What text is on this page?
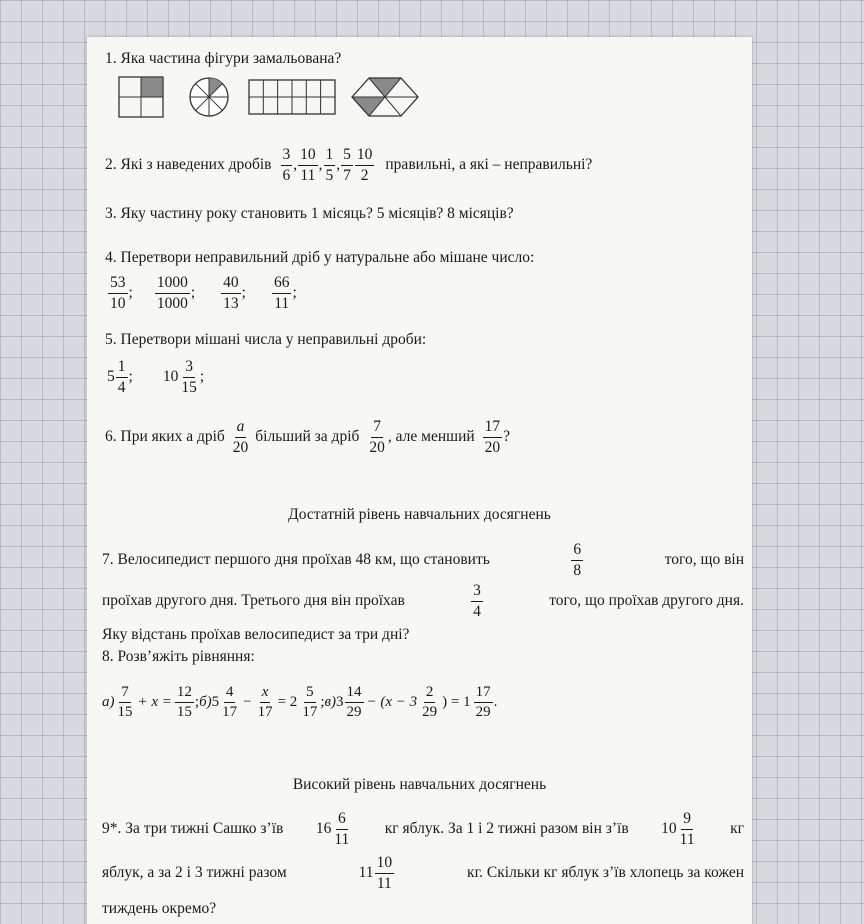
1. Яка частина фігури замальована?
2. Які з наведених дробів $\frac{3}{6}$ , $\frac{10}{11}$ , $\frac{1}{5}$ , $\frac{5}{7} \frac{10}{2}$ правильні, а які – неправильні?
3. Яку частину року становить 1 місяць? 5 місяців? 8 місяців?
4. Перетвори неправильний дріб у натуральне або мішане число:
$\frac{53}{10}$ ; $\frac{1000}{1000}$ ; $\frac{40}{13}$ ; $\frac{66}{11}$ ;
5. Перетвори мішані числа у неправильні дроби:
$5 \frac{1}{4}$ ; $10 \frac{3}{15}$ ;
6. При яких а дріб $\frac{a}{20}$ більший за дріб $\frac{7}{20}$ , але менший $\frac{17}{20}$ ?
Достатній рівень навчальних досягнень
7. Велосипедист першого дня проїхав 48 км, що становить	$\frac{6}{8}$	того, що він
проїхав другого дня. Третього дня він проїхав	$\frac{3}{4}$	того, що проїхав другого дня.
Яку відстань проїхав велосипедист за три дні?
8. Розв’яжіть рівняння:
$а) \frac{7}{15} + x = \frac{12}{15}$ ; б) $5 \frac{4}{17} - \frac{x}{17} = 2 \frac{5}{17}$ ; в) $3 \frac{14}{29} - (x - 3 \frac{2}{29}$ ) = $1 \frac{17}{29}$ .
Високий рівень навчальних досягнень
9*. За три тижні Сашко з’їв $16 \frac{6}{11}$ кг яблук. За 1 і 2 тижні разом він з’їв $10 \frac{9}{11}$ кг
яблук, а за 2 і 3 тижні разом	$11 \frac{10}{11}$	кг. Скільки кг яблук з’їв хлопець за кожен
тиждень окремо?
